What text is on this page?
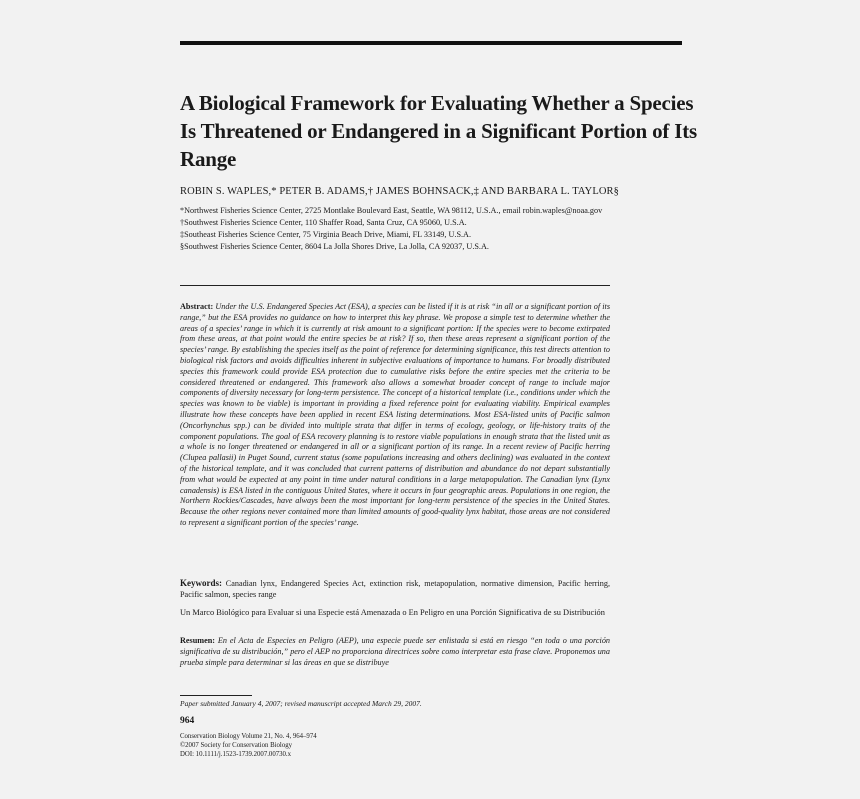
A Biological Framework for Evaluating Whether a Species Is Threatened or Endangered in a Significant Portion of Its Range
ROBIN S. WAPLES,* PETER B. ADAMS,† JAMES BOHNSACK,‡ AND BARBARA L. TAYLOR§
*Northwest Fisheries Science Center, 2725 Montlake Boulevard East, Seattle, WA 98112, U.S.A., email robin.waples@noaa.gov
†Southwest Fisheries Science Center, 110 Shaffer Road, Santa Cruz, CA 95060, U.S.A.
‡Southeast Fisheries Science Center, 75 Virginia Beach Drive, Miami, FL 33149, U.S.A.
§Southwest Fisheries Science Center, 8604 La Jolla Shores Drive, La Jolla, CA 92037, U.S.A.
Abstract: Under the U.S. Endangered Species Act (ESA), a species can be listed if it is at risk “in all or a significant portion of its range,” but the ESA provides no guidance on how to interpret this key phrase. We propose a simple test to determine whether the areas of a species’ range in which it is currently at risk amount to a significant portion: If the species were to become extirpated from these areas, at that point would the entire species be at risk? If so, then these areas represent a significant portion of the species’ range. By establishing the species itself as the point of reference for determining significance, this test directs attention to biological risk factors and avoids difficulties inherent in subjective evaluations of importance to humans. For broadly distributed species this framework could provide ESA protection due to cumulative risks before the entire species met the criteria to be considered threatened or endangered. This framework also allows a somewhat broader concept of range to include major components of diversity necessary for long-term persistence. The concept of a historical template (i.e., conditions under which the species was known to be viable) is important in providing a fixed reference point for evaluating viability. Empirical examples illustrate how these concepts have been applied in recent ESA listing determinations. Most ESA-listed units of Pacific salmon (Oncorhynchus spp.) can be divided into multiple strata that differ in terms of ecology, geology, or life-history traits of the component populations. The goal of ESA recovery planning is to restore viable populations in enough strata that the listed unit as a whole is no longer threatened or endangered in all or a significant portion of its range. In a recent review of Pacific herring (Clupea pallasii) in Puget Sound, current status (some populations increasing and others declining) was evaluated in the context of the historical template, and it was concluded that current patterns of distribution and abundance do not depart substantially from what would be expected at any point in time under natural conditions in a large metapopulation. The Canadian lynx (Lynx canadensis) is ESA listed in the contiguous United States, where it occurs in four geographic areas. Populations in one region, the Northern Rockies/Cascades, have always been the most important for long-term persistence of the species in the United States. Because the other regions never contained more than limited amounts of good-quality lynx habitat, those areas are not considered to represent a significant portion of the species’ range.
Keywords: Canadian lynx, Endangered Species Act, extinction risk, metapopulation, normative dimension, Pacific herring, Pacific salmon, species range
Un Marco Biológico para Evaluar si una Especie está Amenazada o En Peligro en una Porción Significativa de su Distribución
Resumen: En el Acta de Especies en Peligro (AEP), una especie puede ser enlistada si está en riesgo “en toda o una porción significativa de su distribución,” pero el AEP no proporciona directrices sobre como interpretar esta frase clave. Proponemos una prueba simple para determinar si las áreas en que se distribuye
Paper submitted January 4, 2007; revised manuscript accepted March 29, 2007.
964
Conservation Biology Volume 21, No. 4, 964–974
©2007 Society for Conservation Biology
DOI: 10.1111/j.1523-1739.2007.00730.x
